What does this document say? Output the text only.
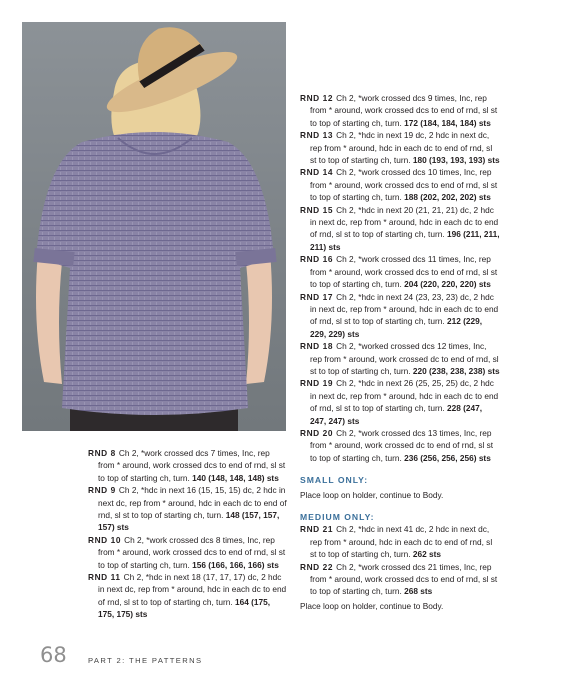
RND 8 Ch 2, *work crossed dcs 7 times, Inc, rep from * around, work crossed dcs to end of rnd, sl st to top of starting ch, turn. 140 (148, 148, 148) sts
RND 9 Ch 2, *hdc in next 16 (15, 15, 15) dc, 2 hdc in next dc, rep from * around, hdc in each dc to end of rnd, sl st to top of starting ch, turn. 148 (157, 157, 157) sts
RND 10 Ch 2, *work crossed dcs 8 times, Inc, rep from * around, work crossed dcs to end of rnd, sl st to top of starting ch, turn. 156 (166, 166, 166) sts
RND 11 Ch 2, *hdc in next 18 (17, 17, 17) dc, 2 hdc in next dc, rep from * around, hdc in each dc to end of rnd, sl st to top of starting ch, turn. 164 (175, 175, 175) sts
RND 12 Ch 2, *work crossed dcs 9 times, Inc, rep from * around, work crossed dcs to end of rnd, sl st to top of starting ch, turn. 172 (184, 184, 184) sts
RND 13 Ch 2, *hdc in next 19 dc, 2 hdc in next dc, rep from * around, hdc in each dc to end of rnd, sl st to top of starting ch, turn. 180 (193, 193, 193) sts
RND 14 Ch 2, *work crossed dcs 10 times, Inc, rep from * around, work crossed dcs to end of rnd, sl st to top of starting ch, turn. 188 (202, 202, 202) sts
RND 15 Ch 2, *hdc in next 20 (21, 21, 21) dc, 2 hdc in next dc, rep from * around, hdc in each dc to end of rnd, sl st to top of starting ch, turn. 196 (211, 211, 211) sts
RND 16 Ch 2, *work crossed dcs 11 times, Inc, rep from * around, work crossed dcs to end of rnd, sl st to top of starting ch, turn. 204 (220, 220, 220) sts
RND 17 Ch 2, *hdc in next 24 (23, 23, 23) dc, 2 hdc in next dc, rep from * around, hdc in each dc to end of rnd, sl st to top of starting ch, turn. 212 (229, 229, 229) sts
RND 18 Ch 2, *worked crossed dcs 12 times, Inc, rep from * around, work crossed dc to end of rnd, sl st to top of starting ch, turn. 220 (238, 238, 238) sts
RND 19 Ch 2, *hdc in next 26 (25, 25, 25) dc, 2 hdc in next dc, rep from * around, hdc in each dc to end of rnd, sl st to top of starting ch, turn. 228 (247, 247, 247) sts
RND 20 Ch 2, *work crossed dcs 13 times, Inc, rep from * around, work crossed dc to end of rnd, sl st to top of starting ch, turn. 236 (256, 256, 256) sts
SMALL ONLY:
Place loop on holder, continue to Body.
MEDIUM ONLY:
RND 21 Ch 2, *hdc in next 41 dc, 2 hdc in next dc, rep from * around, hdc in each dc to end of rnd, sl st to top of starting ch, turn. 262 sts
RND 22 Ch 2, *work crossed dcs 21 times, Inc, rep from * around, work crossed dcs to end of rnd, sl st to top of starting ch, turn. 268 sts
Place loop on holder, continue to Body.
68	PART 2: THE PATTERNS
